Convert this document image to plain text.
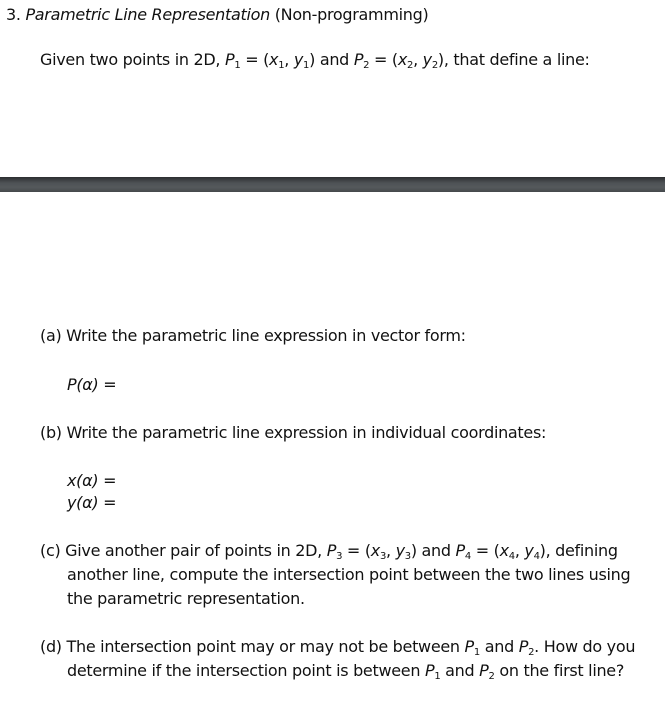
3. Parametric Line Representation (Non-programming)
Given two points in 2D, $P_1 = (x_1$, $y_1$) and $P_2 = (x_2$, $y_2$), that define a line:
(a) Write the parametric line expression in vector form:
P(α) =
(b) Write the parametric line expression in individual coordinates:
x(α) =
y(α) =
(c) Give another pair of points in 2D, $P_3 = (x_3$, $y_3$) and $P_4 = (x_4$, $y_4$), defining
another line, compute the intersection point between the two lines using
the parametric representation.
(d) The intersection point may or may not be between $P_1$ and $P_2$. How do you
determine if the intersection point is between $P_1$ and $P_2$ on the first line?
